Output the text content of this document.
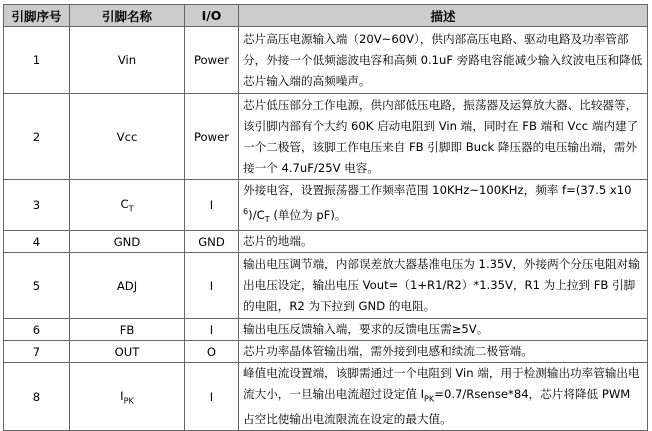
引脚序号	引脚名称	I/O	描述
1	Vin	Power	芯片高压电源输入端（20V~60V），供内部高压电路、驱动电路及功率管部分，外接一个低频滤波电容和高频 0.1uF 旁路电容能减少输入纹波电压和降低芯片输入端的高频噪声。
2	Vcc	Power	芯片低压部分工作电源，供内部低压电路，振荡器及运算放大器、比较器等，该引脚内部有个大约 60K 启动电阻到 Vin 端，同时在 FB 端和 Vcc 端内建了一个二极管，该脚工作电压来自 FB 引脚即 Buck 降压器的电压输出端，需外接一个 4.7uF/25V 电容。
3	$C_T$	I	外接电容，设置振荡器工作频率范围 10KHz~100KHz，频率 f=(37.5 $x10^6)/C_T$ (单位为 pF)。
4	GND	GND	芯片的地端。
5	ADJ	I	输出电压调节端，内部误差放大器基准电压为 1.35V，外接两个分压电阻对输出电压设定，输出电压 Vout=（1+R1/R2）*1.35V，R1 为上拉到 FB 引脚的电阻，R2 为下拉到 GND 的电阻。
6	FB	I	输出电压反馈输入端，要求的反馈电压需≥5V。
7	OUT	O	芯片功率晶体管输出端，需外接到电感和续流二极管端。
8	$I_{PK}$	I	峰值电流设置端，该脚需通过一个电阻到 Vin 端，用于检测输出功率管输出电流大小，一旦输出电流超过设定值 $I_{PK}=0.7/Rsense*84$，芯片将降低 PWM 占空比使输出电流限流在设定的最大值。
